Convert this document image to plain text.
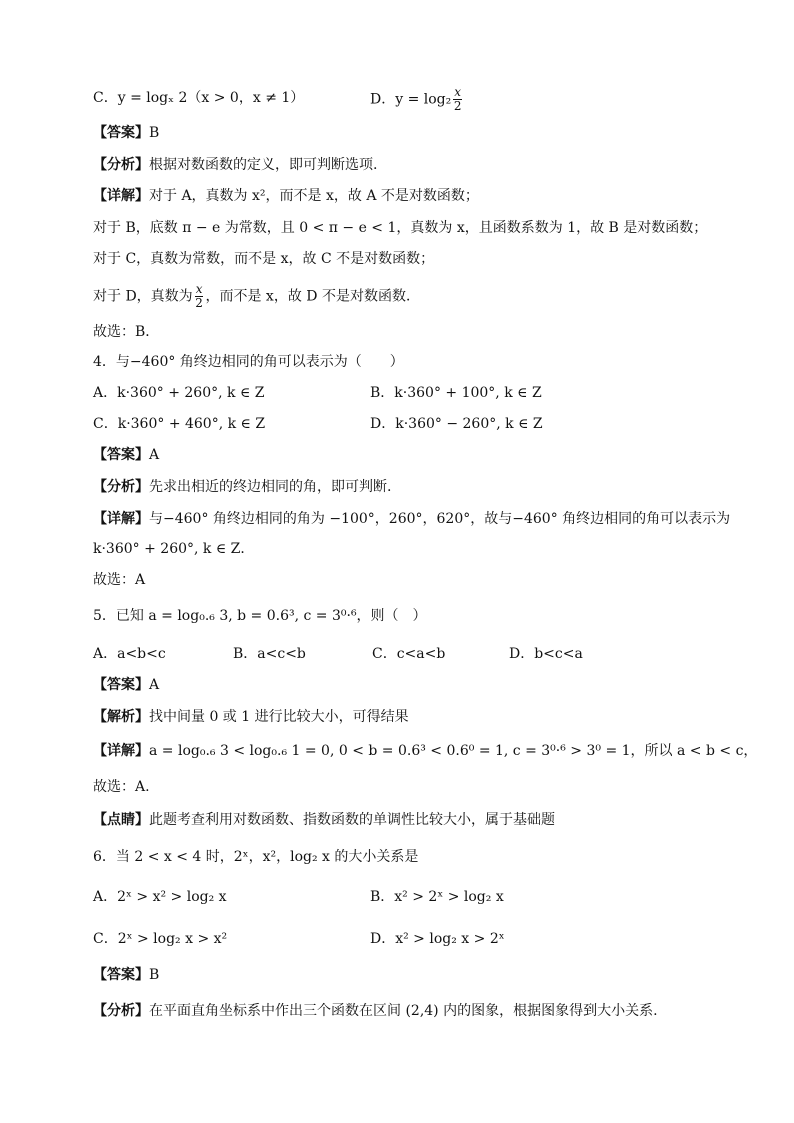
C．y = logₓ 2（x > 0，x ≠ 1）	D．$y = \log_2 \frac{x}{2}$
【答案】B
【分析】根据对数函数的定义，即可判断选项.
【详解】对于 A，真数为 x²，而不是 x，故 A 不是对数函数；
对于 B，底数 π − e 为常数，且 0 < π − e < 1，真数为 x，且函数系数为 1，故 B 是对数函数；
对于 C，真数为常数，而不是 x，故 C 不是对数函数；
对于 D，真数为 $\frac{x}{2}$ ，而不是 x，故 D 不是对数函数．
故选：B．
4．与−460° 角终边相同的角可以表示为（　　）
A．k·360° + 260°, k ∈ Z	B．k·360° + 100°, k ∈ Z
C．k·360° + 460°, k ∈ Z	D．k·360° − 260°, k ∈ Z
【答案】A
【分析】先求出相近的终边相同的角，即可判断.
【详解】与−460° 角终边相同的角为 −100°，260°，620°，故与−460° 角终边相同的角可以表示为
k·360° + 260°, k ∈ Z．
故选：A
5．已知 a = log₀.₆ 3, b = 0.6³, c = 3⁰·⁶，则（　）
A．a<b<c	B．a<c<b	C．c<a<b	D．b<c<a
【答案】A
【解析】找中间量 0 或 1 进行比较大小，可得结果
【详解】a = log₀.₆ 3 < log₀.₆ 1 = 0, 0 < b = 0.6³ < 0.6⁰ = 1, c = 3⁰·⁶ > 3⁰ = 1，所以 a < b < c，
故选：A.
【点睛】此题考查利用对数函数、指数函数的单调性比较大小，属于基础题
6．当 2 < x < 4 时，2ˣ，x²，log₂ x 的大小关系是
A．2ˣ > x² > log₂ x	B．x² > 2ˣ > log₂ x
C．2ˣ > log₂ x > x²	D．x² > log₂ x > 2ˣ
【答案】B
【分析】在平面直角坐标系中作出三个函数在区间 (2,4) 内的图象，根据图象得到大小关系.
